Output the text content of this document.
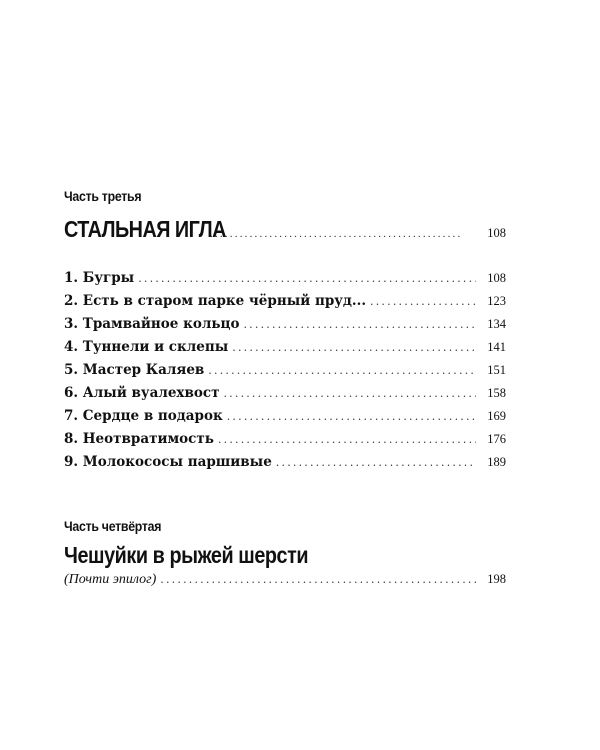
Часть третья
СТАЛЬНАЯ ИГЛА .....	108
1. Бугры .....	108
2. Есть в старом парке чёрный пруд... .....	123
3. Трамвайное кольцо .....	134
4. Туннели и склепы .....	141
5. Мастер Каляев .....	151
6. Алый вуалехвост .....	158
7. Сердце в подарок .....	169
8. Неотвратимость .....	176
9. Молокососы паршивые .....	189
Часть четвёртая
Чешуйки в рыжей шерсти
(Почти эпилог) .....	198
